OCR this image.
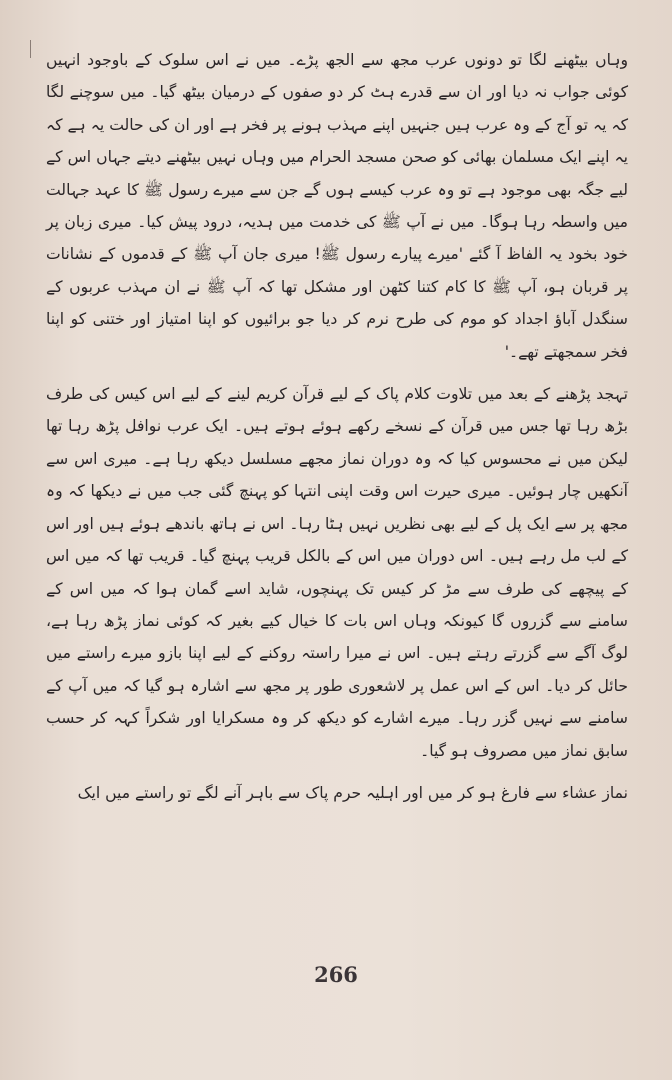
وہاں بیٹھنے لگا تو دونوں عرب مجھ سے الجھ پڑے۔ میں نے اس سلوک کے باوجود انہیں کوئی جواب نہ دیا اور ان سے قدرے ہٹ کر دو صفوں کے درمیان بیٹھ گیا۔ میں سوچنے لگا کہ یہ تو آج کے وہ عرب ہیں جنہیں اپنے مہذب ہونے پر فخر ہے اور ان کی حالت یہ ہے کہ یہ اپنے ایک مسلمان بھائی کو صحن مسجد الحرام میں وہاں نہیں بیٹھنے دیتے جہاں اس کے لیے جگہ بھی موجود ہے تو وہ عرب کیسے ہوں گے جن سے میرے رسول ﷺ کا عہد جہالت میں واسطہ رہا ہوگا۔ میں نے آپ ﷺ کی خدمت میں ہدیہ، درود پیش کیا۔ میری زبان پر خود بخود یہ الفاظ آ گئے 'میرے پیارے رسول ﷺ! میری جان آپ ﷺ کے قدموں کے نشانات پر قربان ہو، آپ ﷺ کا کام کتنا کٹھن اور مشکل تھا کہ آپ ﷺ نے ان مہذب عربوں کے سنگدل آباؤ اجداد کو موم کی طرح نرم کر دیا جو برائیوں کو اپنا امتیاز اور ختنی کو اپنا فخر سمجھتے تھے۔'

تہجد پڑھنے کے بعد میں تلاوت کلام پاک کے لیے قرآن کریم لینے کے لیے اس کیس کی طرف بڑھ رہا تھا جس میں قرآن کے نسخے رکھے ہوئے ہوتے ہیں۔ ایک عرب نوافل پڑھ رہا تھا لیکن میں نے محسوس کیا کہ وہ دوران نماز مجھے مسلسل دیکھ رہا ہے۔ میری اس سے آنکھیں چار ہوئیں۔ میری حیرت اس وقت اپنی انتہا کو پہنچ گئی جب میں نے دیکھا کہ وہ مجھ پر سے ایک پل کے لیے بھی نظریں نہیں ہٹا رہا۔ اس نے ہاتھ باندھے ہوئے ہیں اور اس کے لب مل رہے ہیں۔ اس دوران میں اس کے بالکل قریب پہنچ گیا۔ قریب تھا کہ میں اس کے پیچھے کی طرف سے مڑ کر کیس تک پہنچوں، شاید اسے گمان ہوا کہ میں اس کے سامنے سے گزروں گا کیونکہ وہاں اس بات کا خیال کیے بغیر کہ کوئی نماز پڑھ رہا ہے، لوگ آگے سے گزرتے رہتے ہیں۔ اس نے میرا راستہ روکنے کے لیے اپنا بازو میرے راستے میں حائل کر دیا۔ اس کے اس عمل پر لاشعوری طور پر مجھ سے اشارہ ہو گیا کہ میں آپ کے سامنے سے نہیں گزر رہا۔ میرے اشارے کو دیکھ کر وہ مسکرایا اور شکراً کہہ کر حسب سابق نماز میں مصروف ہو گیا۔

نماز عشاء سے فارغ ہو کر میں اور اہلیہ حرم پاک سے باہر آنے لگے تو راستے میں ایک

266
